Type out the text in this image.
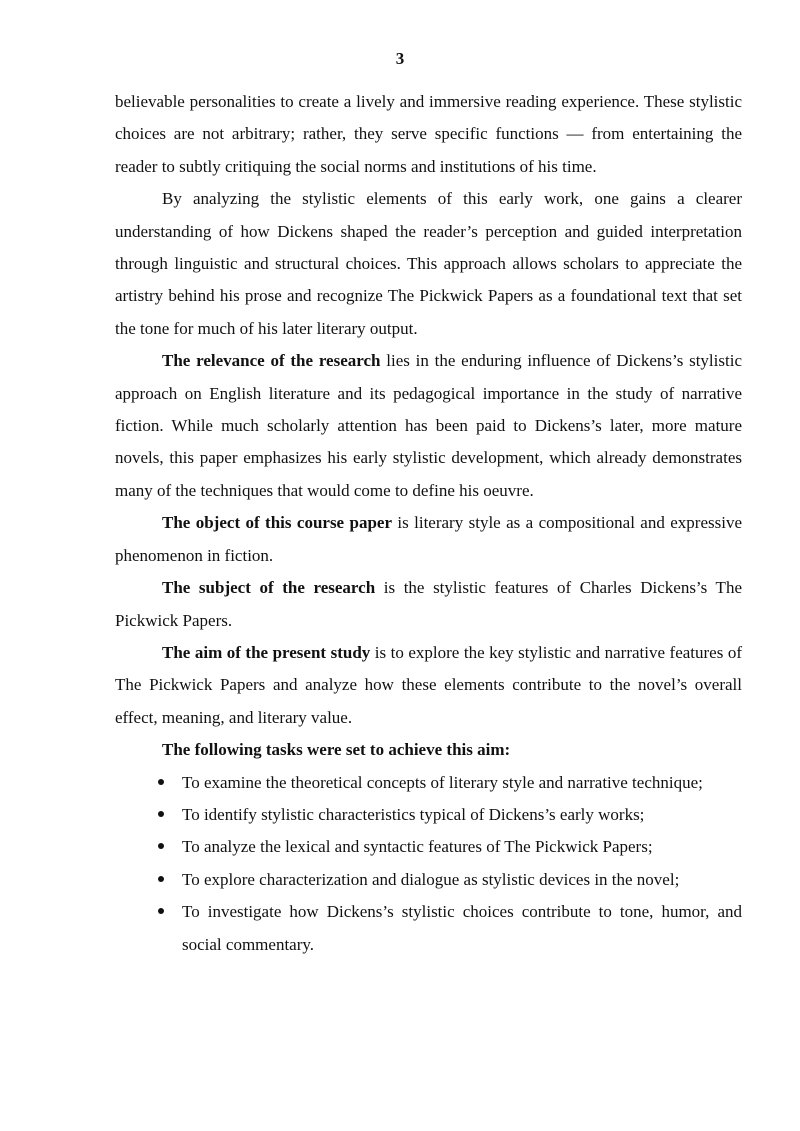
3

believable personalities to create a lively and immersive reading experience. These stylistic choices are not arbitrary; rather, they serve specific functions — from entertaining the reader to subtly critiquing the social norms and institutions of his time.

By analyzing the stylistic elements of this early work, one gains a clearer understanding of how Dickens shaped the reader’s perception and guided interpretation through linguistic and structural choices. This approach allows scholars to appreciate the artistry behind his prose and recognize The Pickwick Papers as a foundational text that set the tone for much of his later literary output.

The relevance of the research lies in the enduring influence of Dickens’s stylistic approach on English literature and its pedagogical importance in the study of narrative fiction. While much scholarly attention has been paid to Dickens’s later, more mature novels, this paper emphasizes his early stylistic development, which already demonstrates many of the techniques that would come to define his oeuvre.

The object of this course paper is literary style as a compositional and expressive phenomenon in fiction.

The subject of the research is the stylistic features of Charles Dickens’s The Pickwick Papers.

The aim of the present study is to explore the key stylistic and narrative features of The Pickwick Papers and analyze how these elements contribute to the novel’s overall effect, meaning, and literary value.

The following tasks were set to achieve this aim:

To examine the theoretical concepts of literary style and narrative technique;
To identify stylistic characteristics typical of Dickens’s early works;
To analyze the lexical and syntactic features of The Pickwick Papers;
To explore characterization and dialogue as stylistic devices in the novel;
To investigate how Dickens’s stylistic choices contribute to tone, humor, and social commentary.
